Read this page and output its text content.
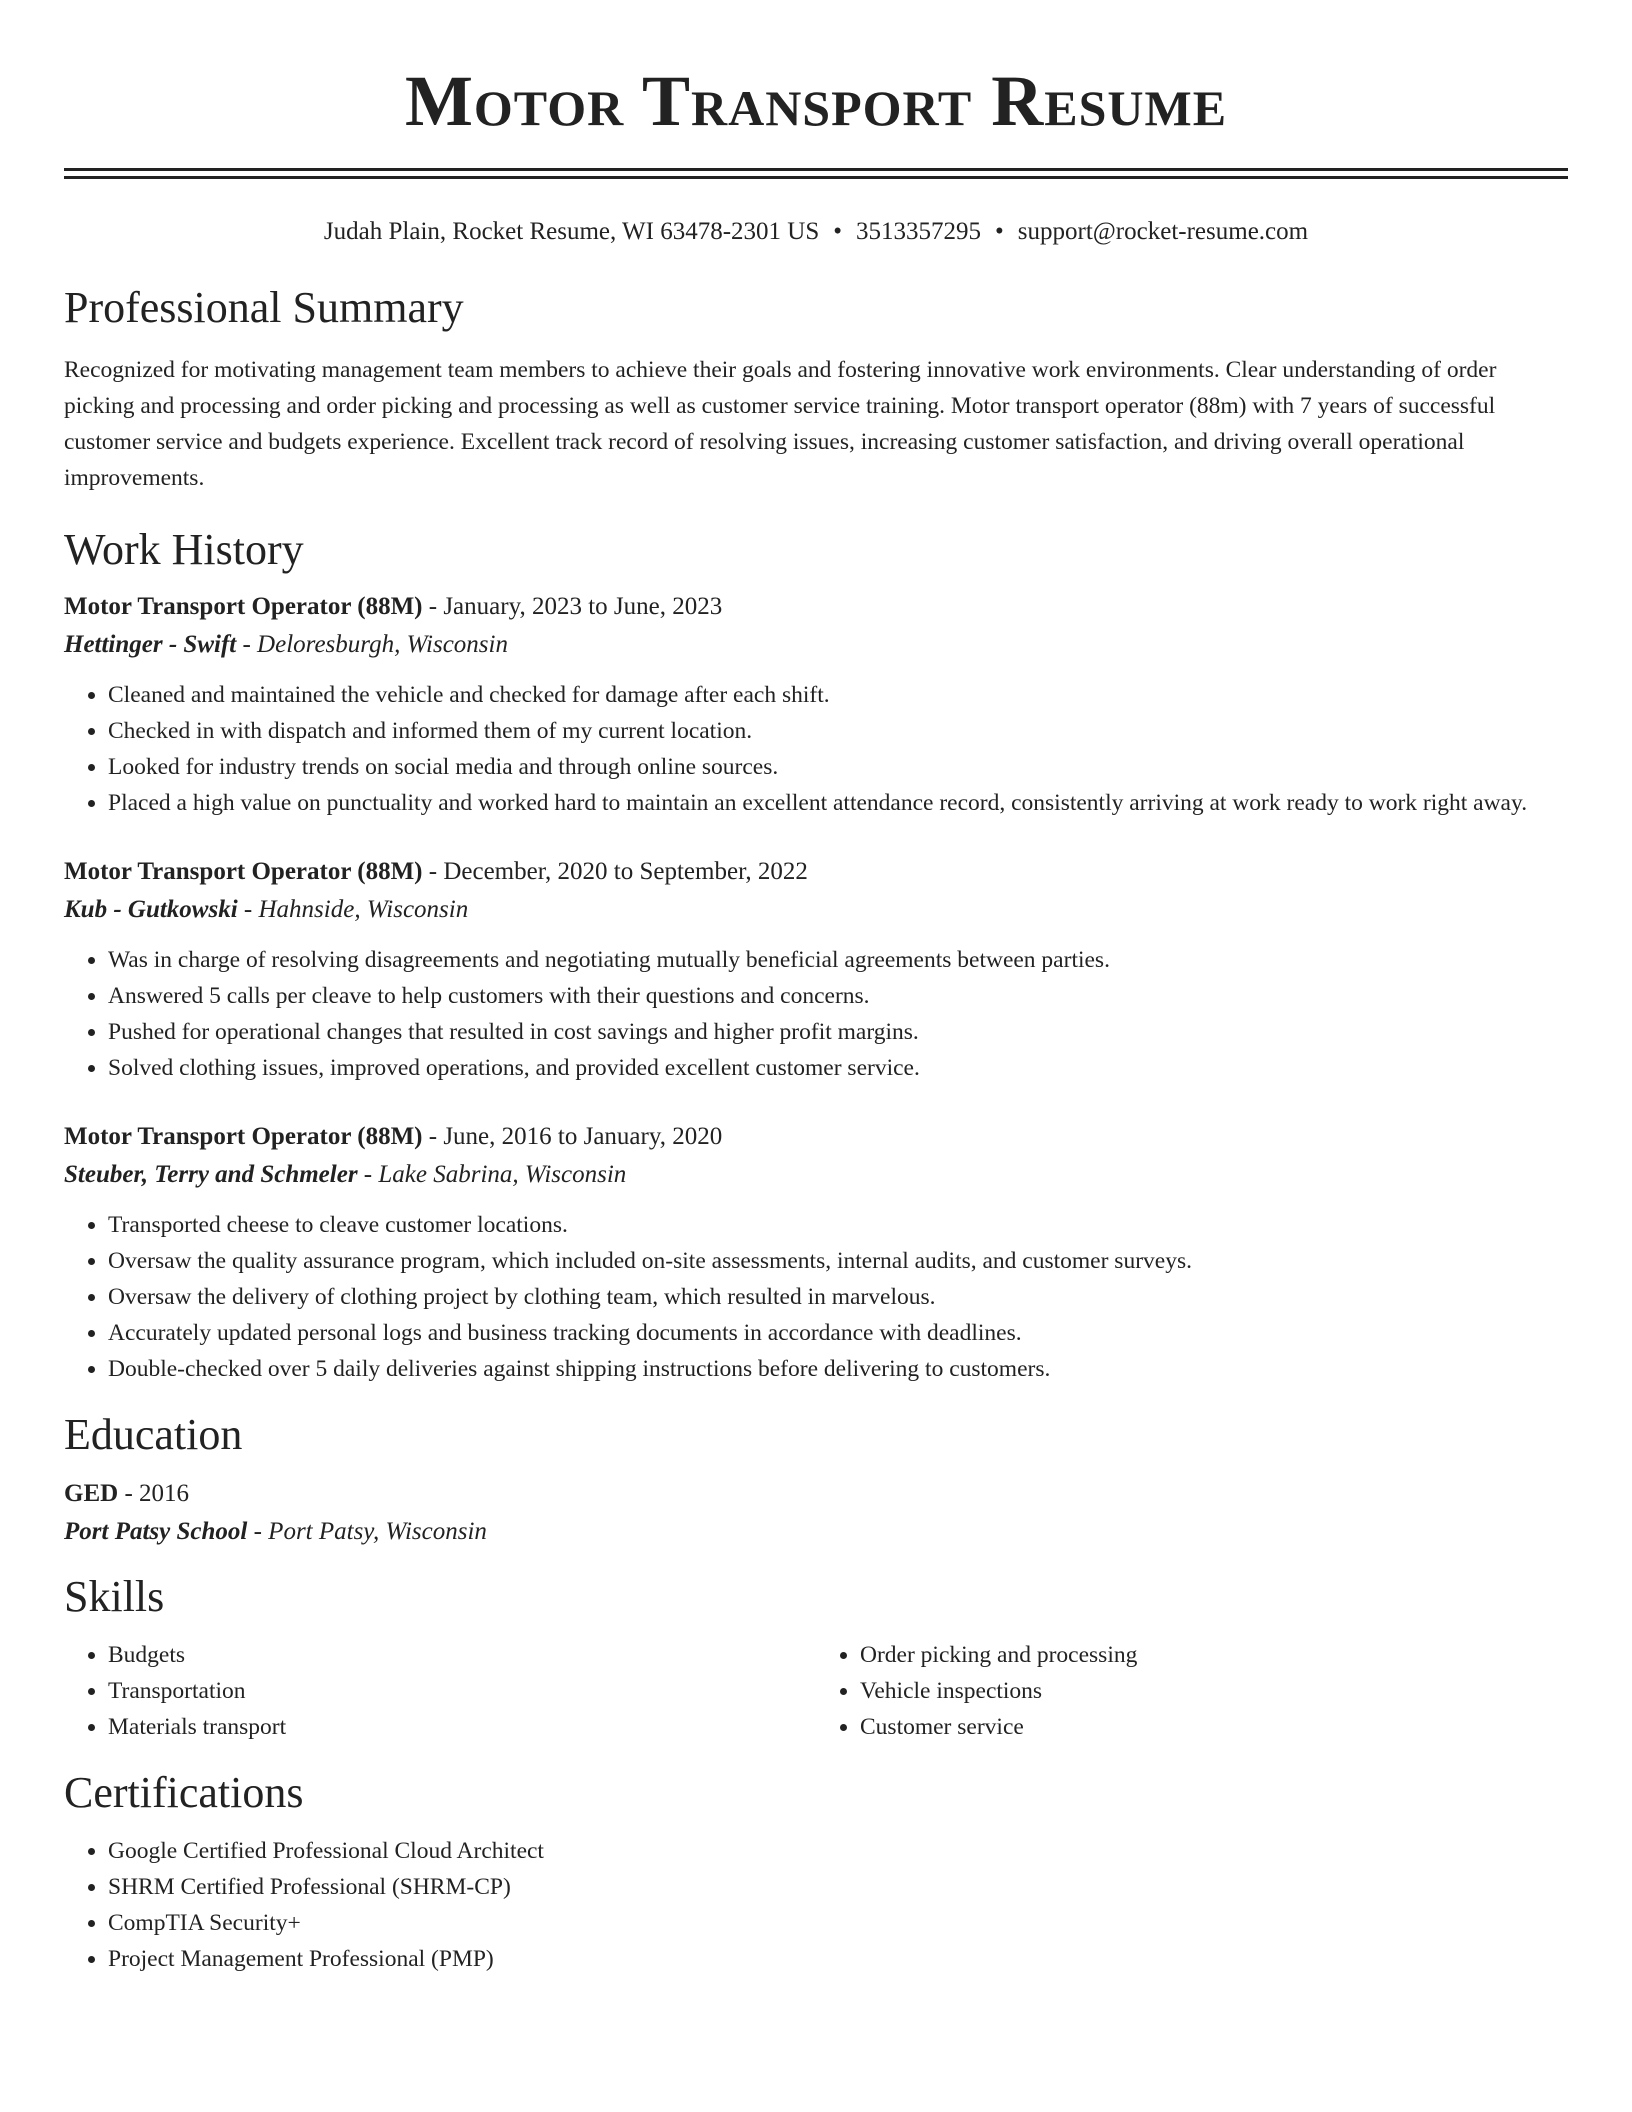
Motor Transport Resume
Judah Plain, Rocket Resume, WI 63478-2301 US • 3513357295 • support@rocket-resume.com
Professional Summary

Recognized for motivating management team members to achieve their goals and fostering innovative work environments. Clear understanding of order picking and processing and order picking and processing as well as customer service training. Motor transport operator (88m) with 7 years of successful customer service and budgets experience. Excellent track record of resolving issues, increasing customer satisfaction, and driving overall operational improvements.

Work History
Motor Transport Operator (88M) - January, 2023 to June, 2023
Hettinger - Swift - Deloresburgh, Wisconsin
• Cleaned and maintained the vehicle and checked for damage after each shift.
• Checked in with dispatch and informed them of my current location.
• Looked for industry trends on social media and through online sources.
• Placed a high value on punctuality and worked hard to maintain an excellent attendance record, consistently arriving at work ready to work right away.
Motor Transport Operator (88M) - December, 2020 to September, 2022
Kub - Gutkowski - Hahnside, Wisconsin
• Was in charge of resolving disagreements and negotiating mutually beneficial agreements between parties.
• Answered 5 calls per cleave to help customers with their questions and concerns.
• Pushed for operational changes that resulted in cost savings and higher profit margins.
• Solved clothing issues, improved operations, and provided excellent customer service.
Motor Transport Operator (88M) - June, 2016 to January, 2020
Steuber, Terry and Schmeler - Lake Sabrina, Wisconsin
• Transported cheese to cleave customer locations.
• Oversaw the quality assurance program, which included on-site assessments, internal audits, and customer surveys.
• Oversaw the delivery of clothing project by clothing team, which resulted in marvelous.
• Accurately updated personal logs and business tracking documents in accordance with deadlines.
• Double-checked over 5 daily deliveries against shipping instructions before delivering to customers.
Education
GED - 2016
Port Patsy School - Port Patsy, Wisconsin
Skills
• Budgets
• Transportation
• Materials transport
• Order picking and processing
• Vehicle inspections
• Customer service
Certifications
• Google Certified Professional Cloud Architect
• SHRM Certified Professional (SHRM-CP)
• CompTIA Security+
• Project Management Professional (PMP)
